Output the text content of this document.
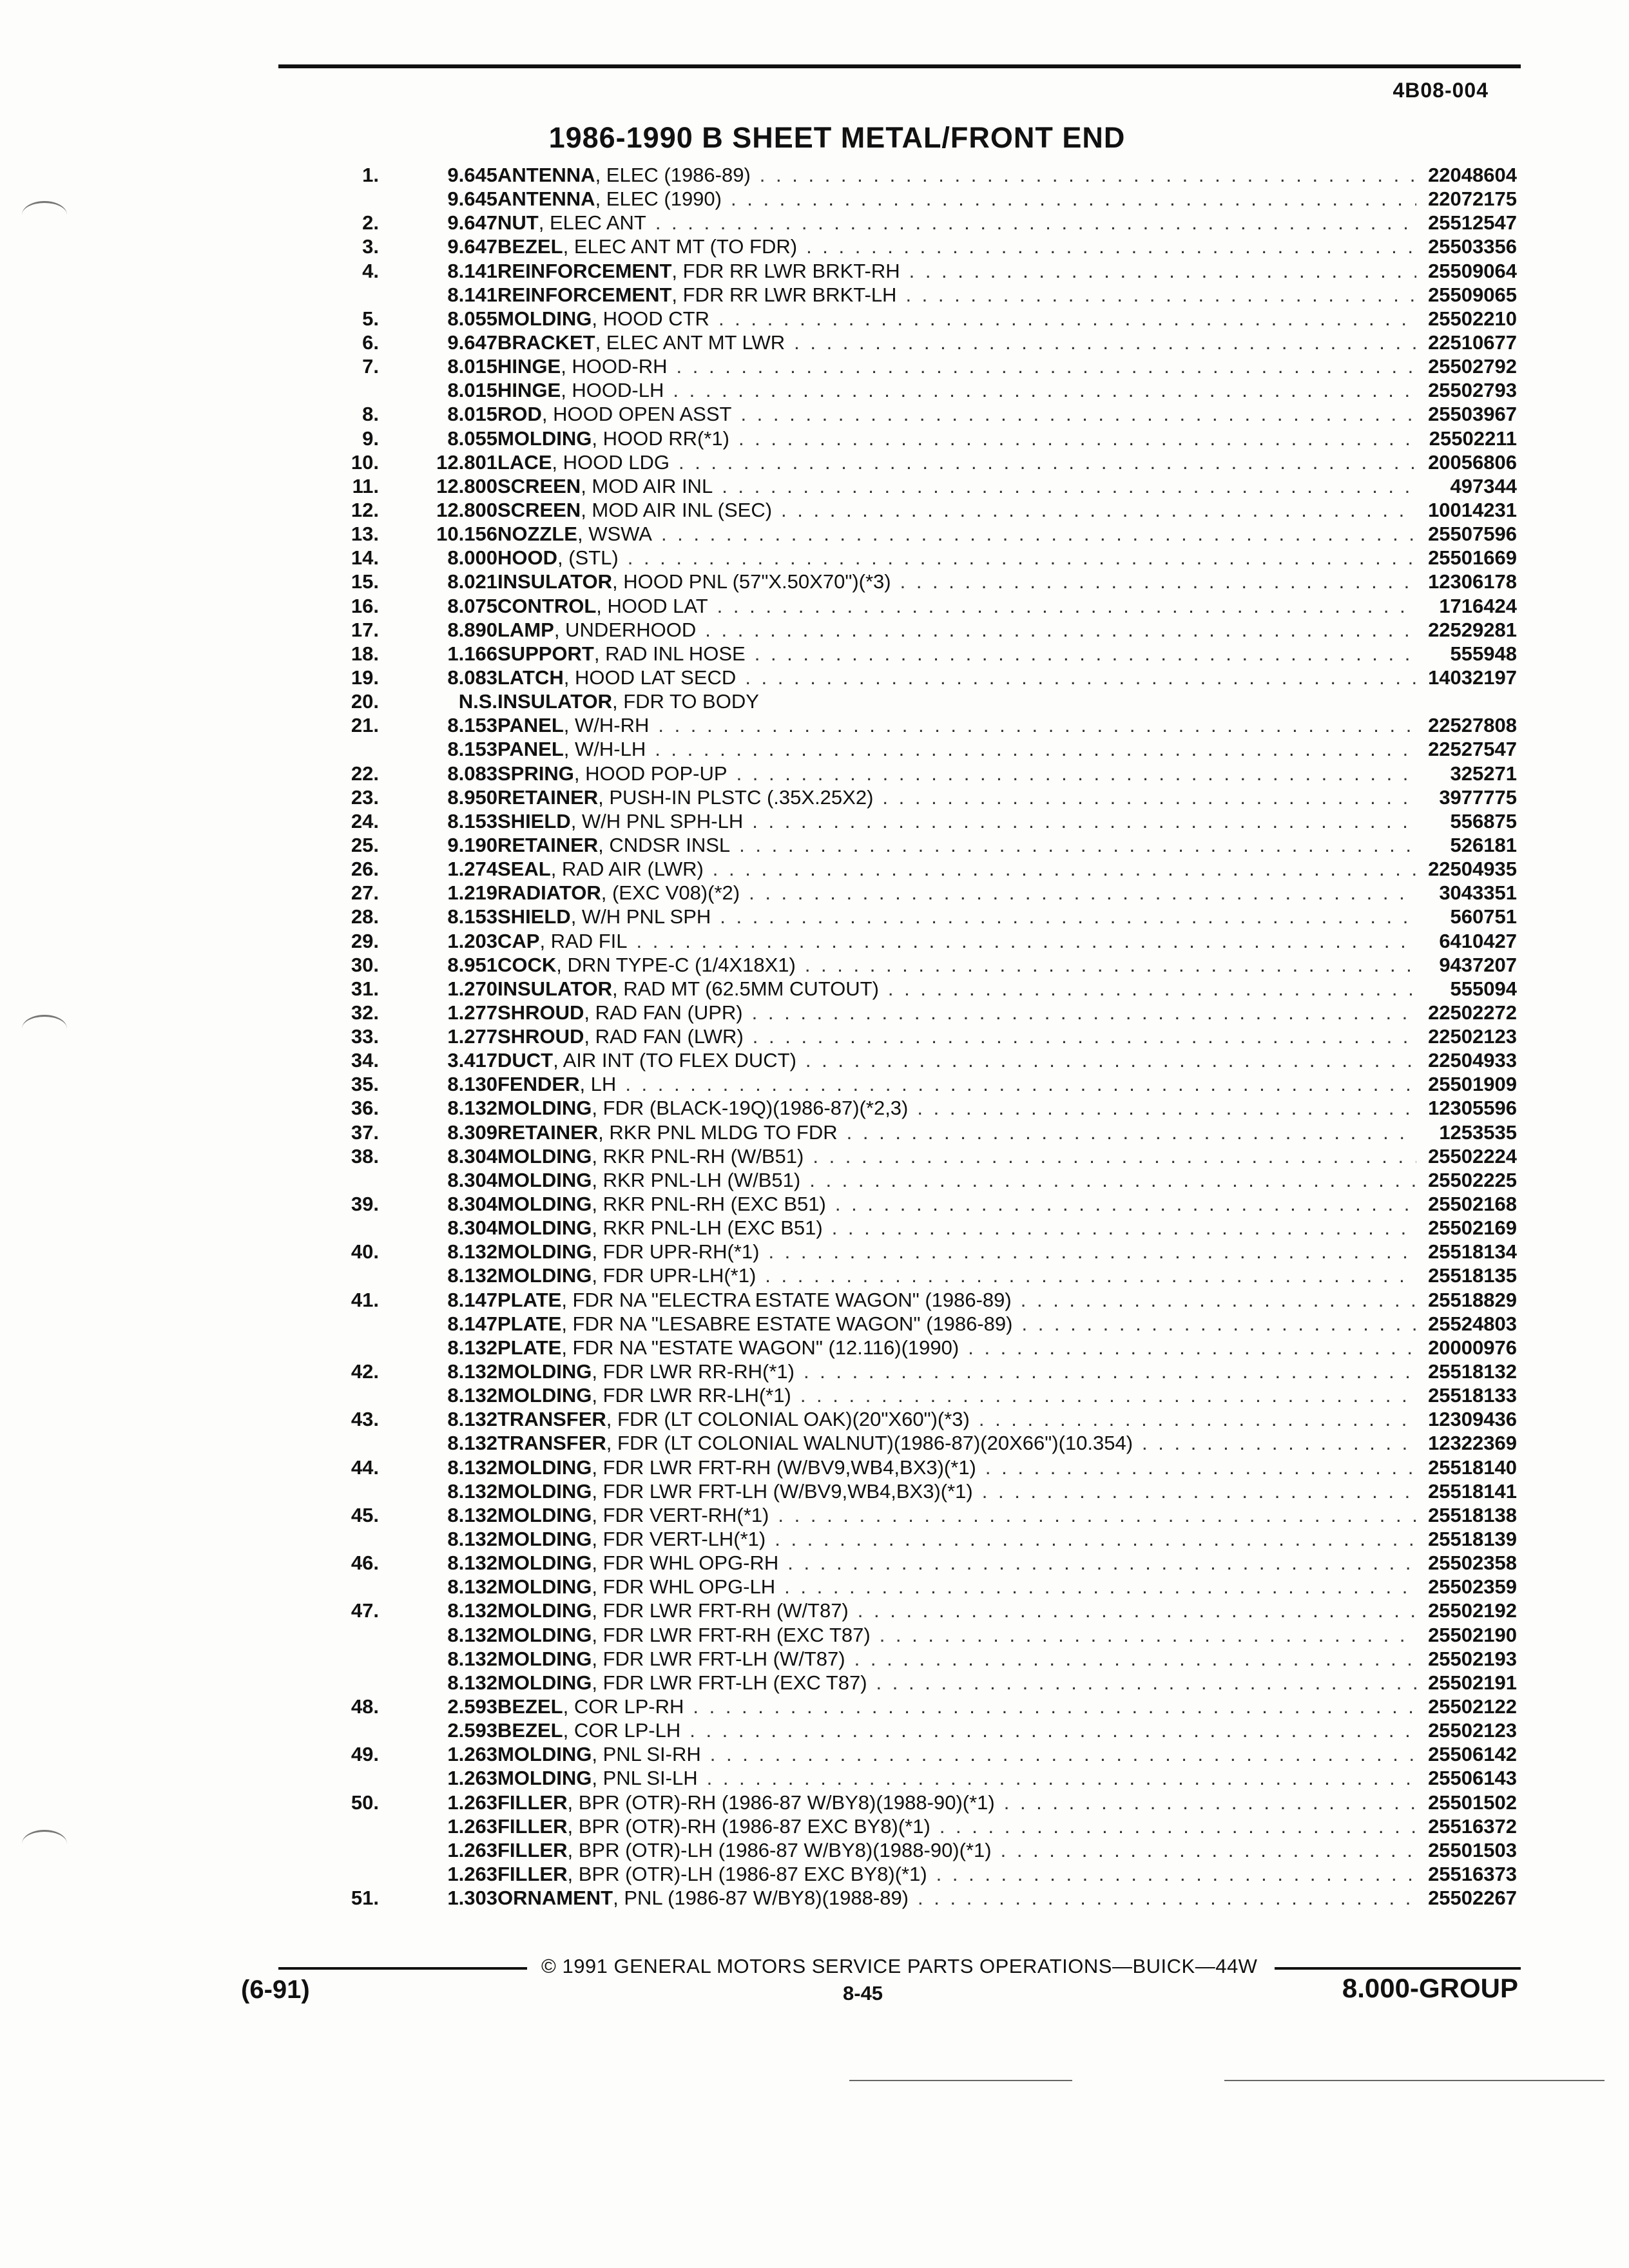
4B08-004
1986-1990 B SHEET METAL/FRONT END
1.	9.645 ANTENNA , ELEC (1986-89) . . .	22048604
9.645 ANTENNA , ELEC (1990) . . .	22072175
2.	9.647 NUT , ELEC ANT . . .	25512547
3.	9.647 BEZEL , ELEC ANT MT (TO FDR) . . .	25503356
4.	8.141 REINFORCEMENT , FDR RR LWR BRKT-RH . . .	25509064
8.141 REINFORCEMENT , FDR RR LWR BRKT-LH . . .	25509065
5.	8.055 MOLDING , HOOD CTR . . .	25502210
6.	9.647 BRACKET , ELEC ANT MT LWR . . .	22510677
7.	8.015 HINGE , HOOD-RH . . .	25502792
8.015 HINGE , HOOD-LH . . .	25502793
8.	8.015 ROD , HOOD OPEN ASST . . .	25503967
9.	8.055 MOLDING , HOOD RR(*1) . . .	25502211
10.	12.801 LACE , HOOD LDG . . .	20056806
11.	12.800 SCREEN , MOD AIR INL . . .	497344
12.	12.800 SCREEN , MOD AIR INL (SEC) . . .	10014231
13.	10.156 NOZZLE , WSWA . . .	25507596
14.	8.000 HOOD , (STL) . . .	25501669
15.	8.021 INSULATOR , HOOD PNL (57"X.50X70")(*3) . . .	12306178
16.	8.075 CONTROL , HOOD LAT . . .	1716424
17.	8.890 LAMP , UNDERHOOD . . .	22529281
18.	1.166 SUPPORT , RAD INL HOSE . . .	555948
19.	8.083 LATCH , HOOD LAT SECD . . .	14032197
20.	N.S. INSULATOR , FDR TO BODY
21.	8.153 PANEL , W/H-RH . . .	22527808
8.153 PANEL , W/H-LH . . .	22527547
22.	8.083 SPRING , HOOD POP-UP . . .	325271
23.	8.950 RETAINER , PUSH-IN PLSTC (.35X.25X2) . . .	3977775
24.	8.153 SHIELD , W/H PNL SPH-LH . . .	556875
25.	9.190 RETAINER , CNDSR INSL . . .	526181
26.	1.274 SEAL , RAD AIR (LWR) . . .	22504935
27.	1.219 RADIATOR , (EXC V08)(*2) . . .	3043351
28.	8.153 SHIELD , W/H PNL SPH . . .	560751
29.	1.203 CAP , RAD FIL . . .	6410427
30.	8.951 COCK , DRN TYPE-C (1/4X18X1) . . .	9437207
31.	1.270 INSULATOR , RAD MT (62.5MM CUTOUT) . . .	555094
32.	1.277 SHROUD , RAD FAN (UPR) . . .	22502272
33.	1.277 SHROUD , RAD FAN (LWR) . . .	22502123
34.	3.417 DUCT , AIR INT (TO FLEX DUCT) . . .	22504933
35.	8.130 FENDER , LH . . .	25501909
36.	8.132 MOLDING , FDR (BLACK-19Q)(1986-87)(*2,3) . . .	12305596
37.	8.309 RETAINER , RKR PNL MLDG TO FDR . . .	1253535
38.	8.304 MOLDING , RKR PNL-RH (W/B51) . . .	25502224
8.304 MOLDING , RKR PNL-LH (W/B51) . . .	25502225
39.	8.304 MOLDING , RKR PNL-RH (EXC B51) . . .	25502168
8.304 MOLDING , RKR PNL-LH (EXC B51) . . .	25502169
40.	8.132 MOLDING , FDR UPR-RH(*1) . . .	25518134
8.132 MOLDING , FDR UPR-LH(*1) . . .	25518135
41.	8.147 PLATE , FDR NA "ELECTRA ESTATE WAGON" (1986-89) . . .	25518829
8.147 PLATE , FDR NA "LESABRE ESTATE WAGON" (1986-89) . . .	25524803
8.132 PLATE , FDR NA "ESTATE WAGON" (12.116)(1990) . . .	20000976
42.	8.132 MOLDING , FDR LWR RR-RH(*1) . . .	25518132
8.132 MOLDING , FDR LWR RR-LH(*1) . . .	25518133
43.	8.132 TRANSFER , FDR (LT COLONIAL OAK)(20"X60")(*3) . . .	12309436
8.132 TRANSFER , FDR (LT COLONIAL WALNUT)(1986-87)(20X66")(10.354) . . .	12322369
44.	8.132 MOLDING , FDR LWR FRT-RH (W/BV9,WB4,BX3)(*1) . . .	25518140
8.132 MOLDING , FDR LWR FRT-LH (W/BV9,WB4,BX3)(*1) . . .	25518141
45.	8.132 MOLDING , FDR VERT-RH(*1) . . .	25518138
8.132 MOLDING , FDR VERT-LH(*1) . . .	25518139
46.	8.132 MOLDING , FDR WHL OPG-RH . . .	25502358
8.132 MOLDING , FDR WHL OPG-LH . . .	25502359
47.	8.132 MOLDING , FDR LWR FRT-RH (W/T87) . . .	25502192
8.132 MOLDING , FDR LWR FRT-RH (EXC T87) . . .	25502190
8.132 MOLDING , FDR LWR FRT-LH (W/T87) . . .	25502193
8.132 MOLDING , FDR LWR FRT-LH (EXC T87) . . .	25502191
48.	2.593 BEZEL , COR LP-RH . . .	25502122
2.593 BEZEL , COR LP-LH . . .	25502123
49.	1.263 MOLDING , PNL SI-RH . . .	25506142
1.263 MOLDING , PNL SI-LH . . .	25506143
50.	1.263 FILLER , BPR (OTR)-RH (1986-87 W/BY8)(1988-90)(*1) . . .	25501502
1.263 FILLER , BPR (OTR)-RH (1986-87 EXC BY8)(*1) . . .	25516372
1.263 FILLER , BPR (OTR)-LH (1986-87 W/BY8)(1988-90)(*1) . . .	25501503
1.263 FILLER , BPR (OTR)-LH (1986-87 EXC BY8)(*1) . . .	25516373
51.	1.303 ORNAMENT , PNL (1986-87 W/BY8)(1988-89) . . .	25502267
© 1991 GENERAL MOTORS SERVICE PARTS OPERATIONS—BUICK—44W
(6-91)	8-45	8.000-GROUP
